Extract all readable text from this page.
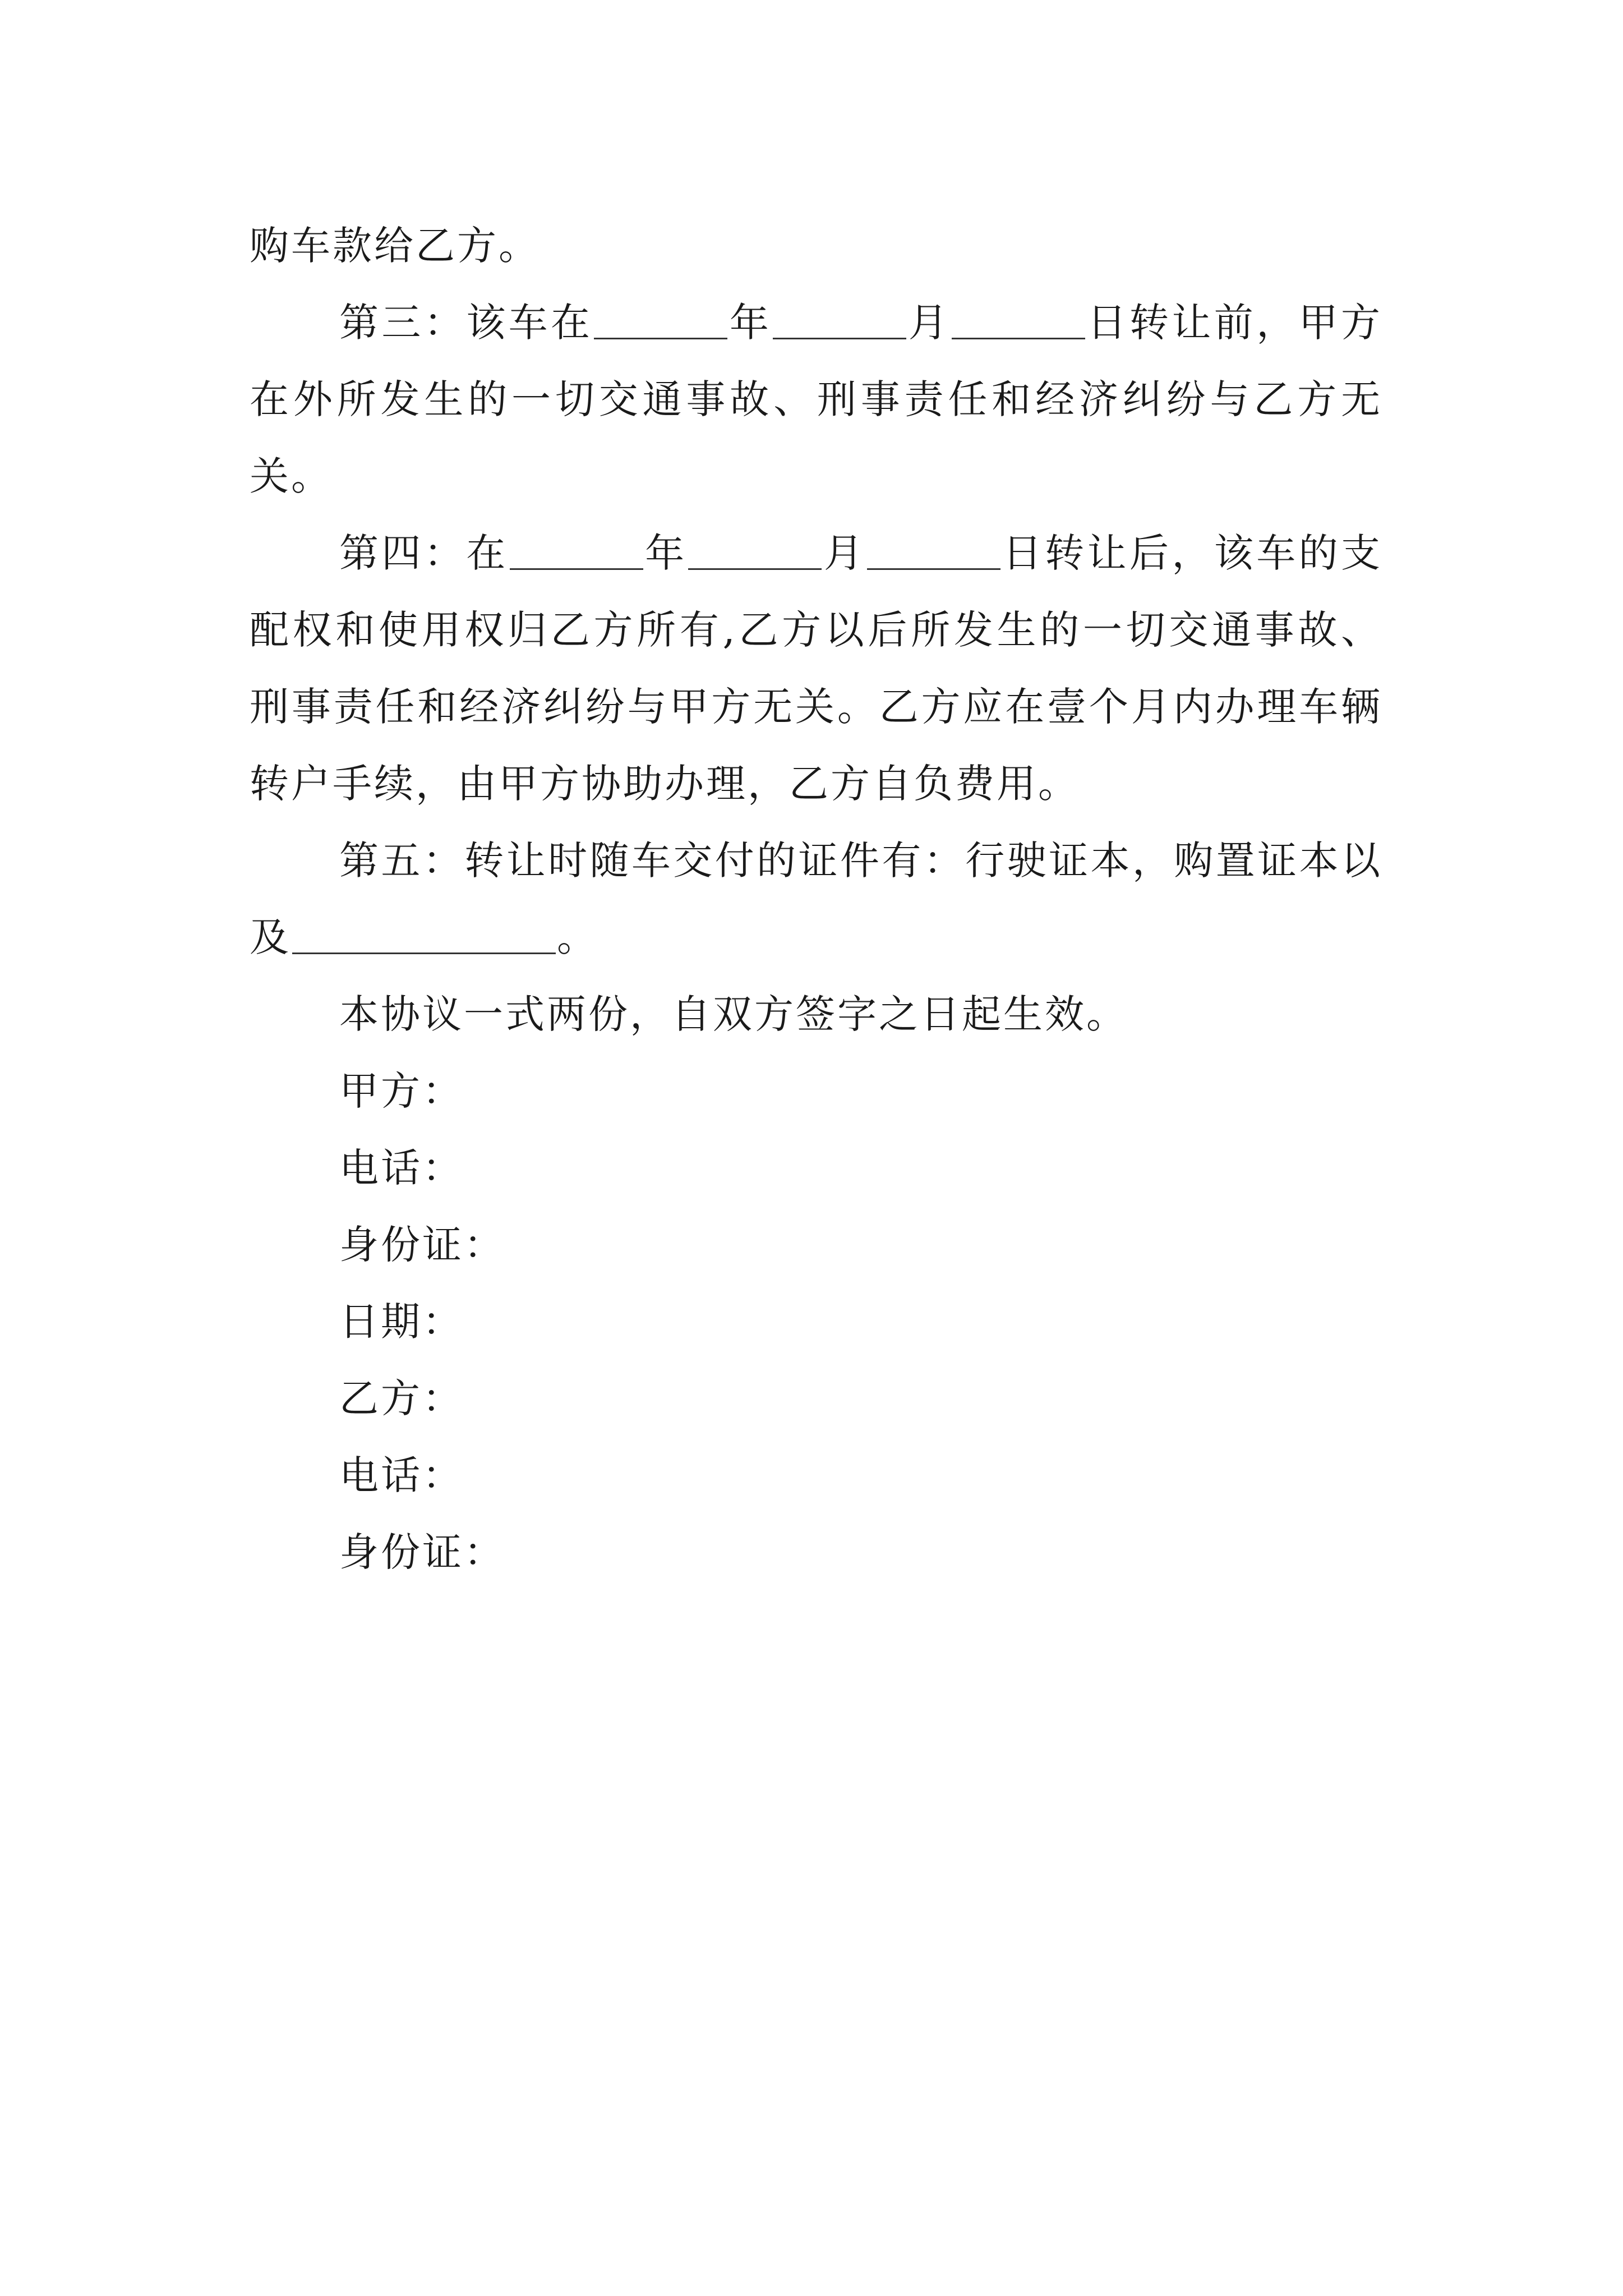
购车款给乙方。

第三：该车在	年	月	日转让前，甲方在外所发生的一切交通事故、刑事责任和经济纠纷与乙方无关。

第四：在	年	月	日转让后，该车的支配权和使用权归乙方所有,乙方以后所发生的一切交通事故、刑事责任和经济纠纷与甲方无关。乙方应在壹个月内办理车辆转户手续，由甲方协助办理，乙方自负费用。

第五：转让时随车交付的证件有：行驶证本，购置证本以及	。

本协议一式两份，自双方签字之日起生效。

甲方：

电话：

身份证：

日期：

乙方：

电话：

身份证：
